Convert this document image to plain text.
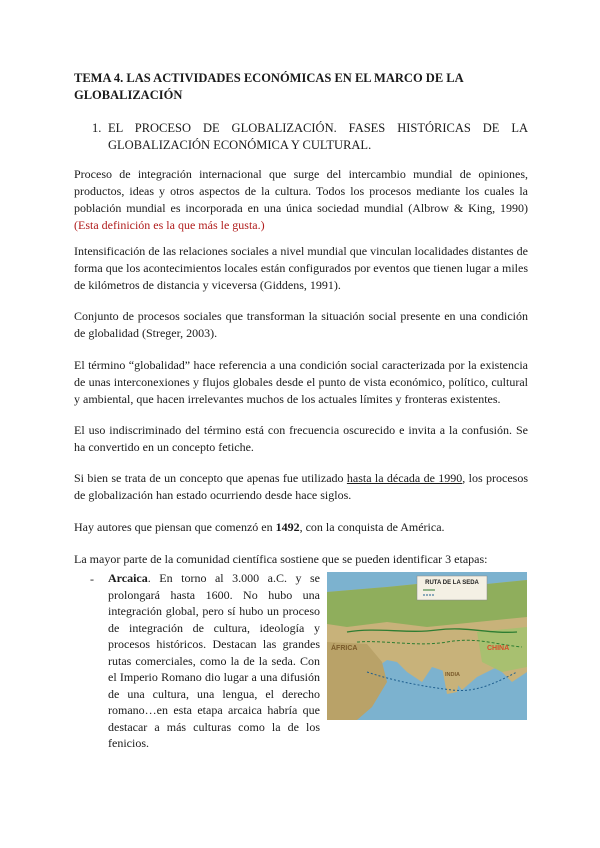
TEMA 4. LAS ACTIVIDADES ECONÓMICAS EN EL MARCO DE LA GLOBALIZACIÓN
1. EL PROCESO DE GLOBALIZACIÓN. FASES HISTÓRICAS DE LA GLOBALIZACIÓN ECONÓMICA Y CULTURAL.
Proceso de integración internacional que surge del intercambio mundial de opiniones, productos, ideas y otros aspectos de la cultura. Todos los procesos mediante los cuales la población mundial es incorporada en una única sociedad mundial (Albrow & King, 1990) (Esta definición es la que más le gusta.)
Intensificación de las relaciones sociales a nivel mundial que vinculan localidades distantes de forma que los acontecimientos locales están configurados por eventos que tienen lugar a miles de kilómetros de distancia y viceversa (Giddens, 1991).
Conjunto de procesos sociales que transforman la situación social presente en una condición de globalidad (Streger, 2003).
El término “globalidad” hace referencia a una condición social caracterizada por la existencia de unas interconexiones y flujos globales desde el punto de vista económico, político, cultural y ambiental, que hacen irrelevantes muchos de los actuales límites y fronteras existentes.
El uso indiscriminado del término está con frecuencia oscurecido e invita a la confusión. Se ha convertido en un concepto fetiche.
Si bien se trata de un concepto que apenas fue utilizado hasta la década de 1990, los procesos de globalización han estado ocurriendo desde hace siglos.
Hay autores que piensan que comenzó en 1492, con la conquista de América.
La mayor parte de la comunidad científica sostiene que se pueden identificar 3 etapas:
- Arcaica. En torno al 3.000 a.C. y se prolongará hasta 1600. No hubo una integración global, pero sí hubo un proceso de integración de cultura, ideología y procesos históricos. Destacan las grandes rutas comerciales, como la de la seda. Con el Imperio Romano dio lugar a una difusión de una cultura, una lengua, el derecho romano…en esta etapa arcaica habría que destacar a más culturas como la de los fenicios.
RUTA DE LA SEDA
ÁFRICA	CHINA
INDIA
